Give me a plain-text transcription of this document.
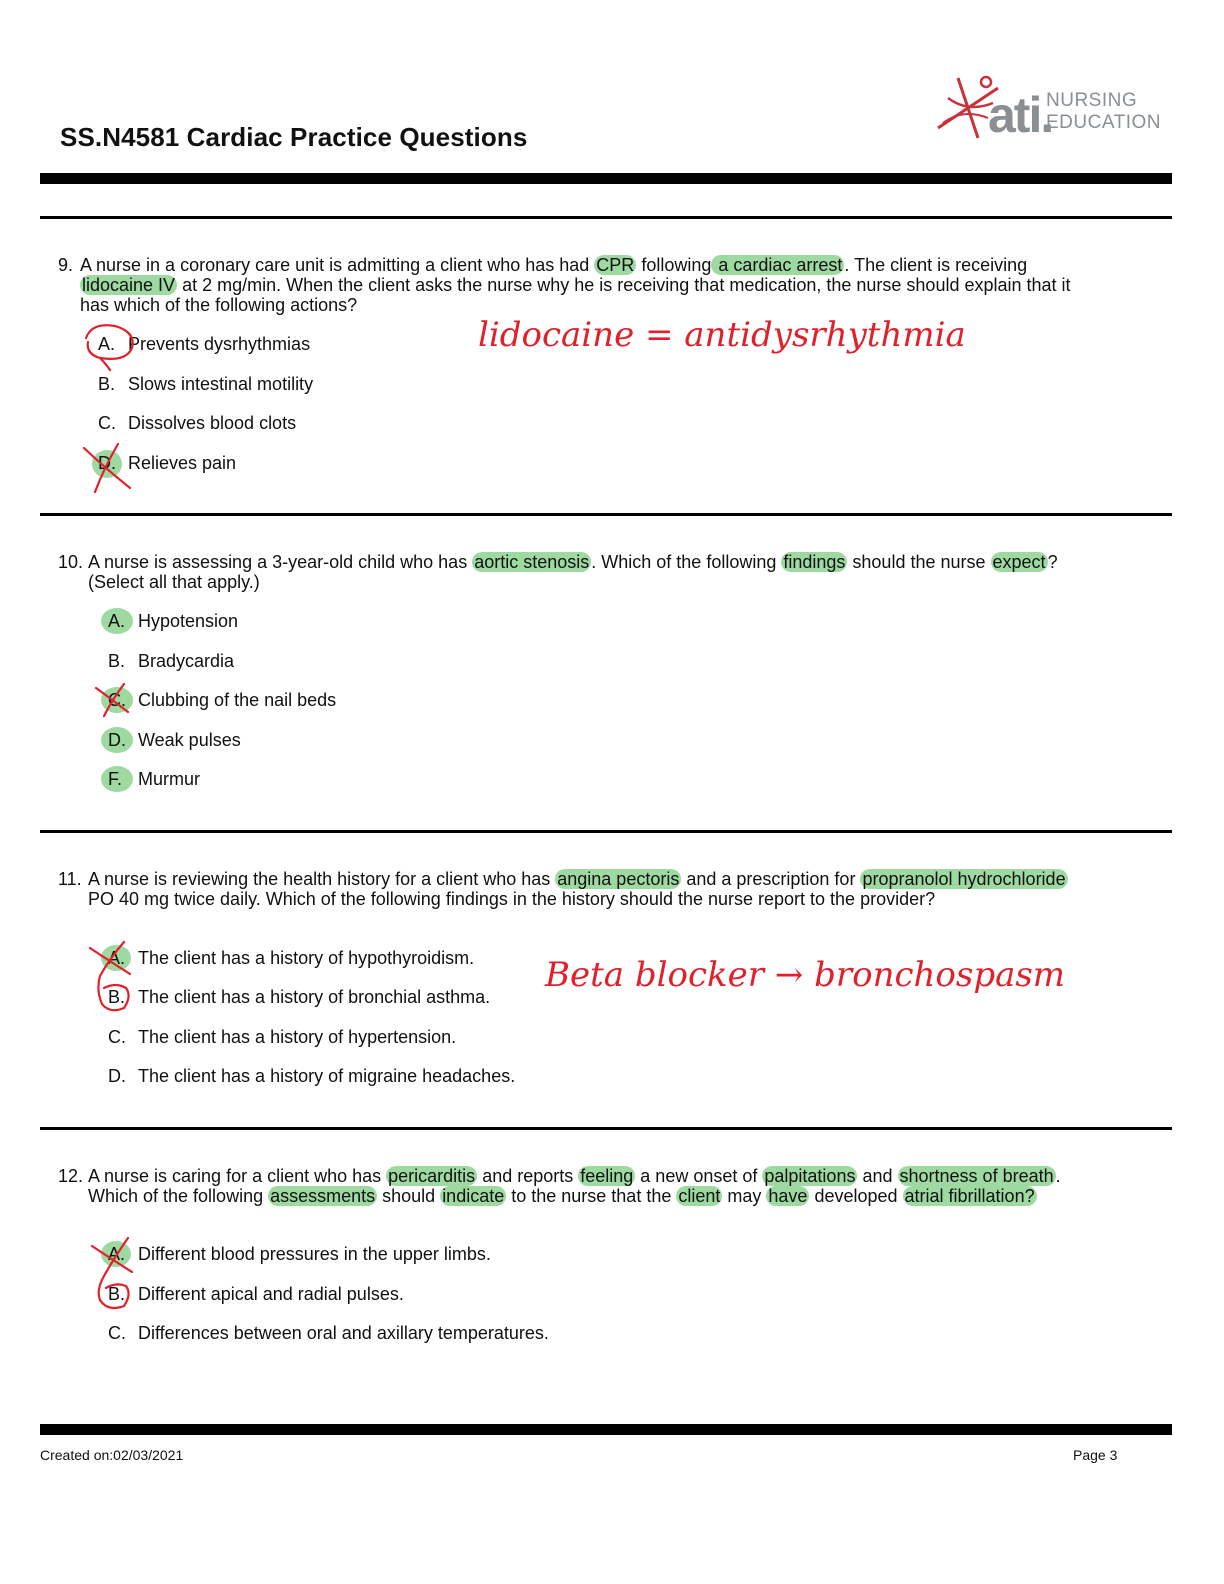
SS.N4581 Cardiac Practice Questions	ati.
NURSING
EDUCATION
9. A nurse in a coronary care unit is admitting a client who has had CPR following a cardiac arrest . The client is receiving lidocaine IV at 2 mg/min. When the client asks the nurse why he is receiving that medication, the nurse should explain that it has which of the following actions?
A. Prevents dysrhythmias
B. Slows intestinal motility
C. Dissolves blood clots
D. Relieves pain
lidocaine = antidysrhythmia
10. A nurse is assessing a 3-year-old child who has aortic stenosis . Which of the following findings should the nurse expect ? (Select all that apply.)
A. Hypotension
B. Bradycardia
C. Clubbing of the nail beds
D. Weak pulses
F. Murmur
11. A nurse is reviewing the health history for a client who has angina pectoris and a prescription for propranolol hydrochloride PO 40 mg twice daily. Which of the following findings in the history should the nurse report to the provider?
A. The client has a history of hypothyroidism.
B. The client has a history of bronchial asthma.
C. The client has a history of hypertension.
D. The client has a history of migraine headaches.
Beta blocker → bronchospasm
12. A nurse is caring for a client who has pericarditis and reports feeling a new onset of palpitations and shortness of breath . Which of the following assessments should indicate to the nurse that the client may have developed atrial fibrillation?
A. Different blood pressures in the upper limbs.
B. Different apical and radial pulses.
C. Differences between oral and axillary temperatures.
Created on:02/03/2021	Page 3
